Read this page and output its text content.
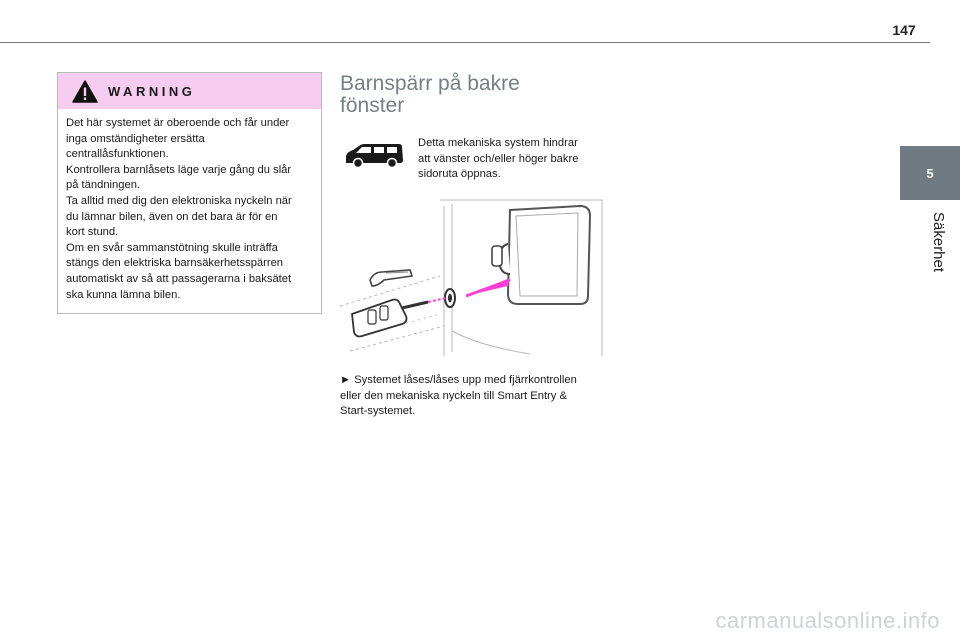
147
5
Säkerhet
WARNING
Det här systemet är oberoende och får under
inga omständigheter ersätta
centrallåsfunktionen.
Kontrollera barnlåsets läge varje gång du slår
på tändningen.
Ta alltid med dig den elektroniska nyckeln när
du lämnar bilen, även on det bara är för en
kort stund.
Om en svår sammanstötning skulle inträffa
stängs den elektriska barnsäkerhetsspärren
automatiskt av så att passagerarna i baksätet
ska kunna lämna bilen.
Barnspärr på bakre
fönster
Detta mekaniska system hindrar
att vänster och/eller höger bakre
sidoruta öppnas.
► Systemet låses/låses upp med fjärrkontrollen
eller den mekaniska nyckeln till Smart Entry &
Start-systemet.
carmanualsonline.info
